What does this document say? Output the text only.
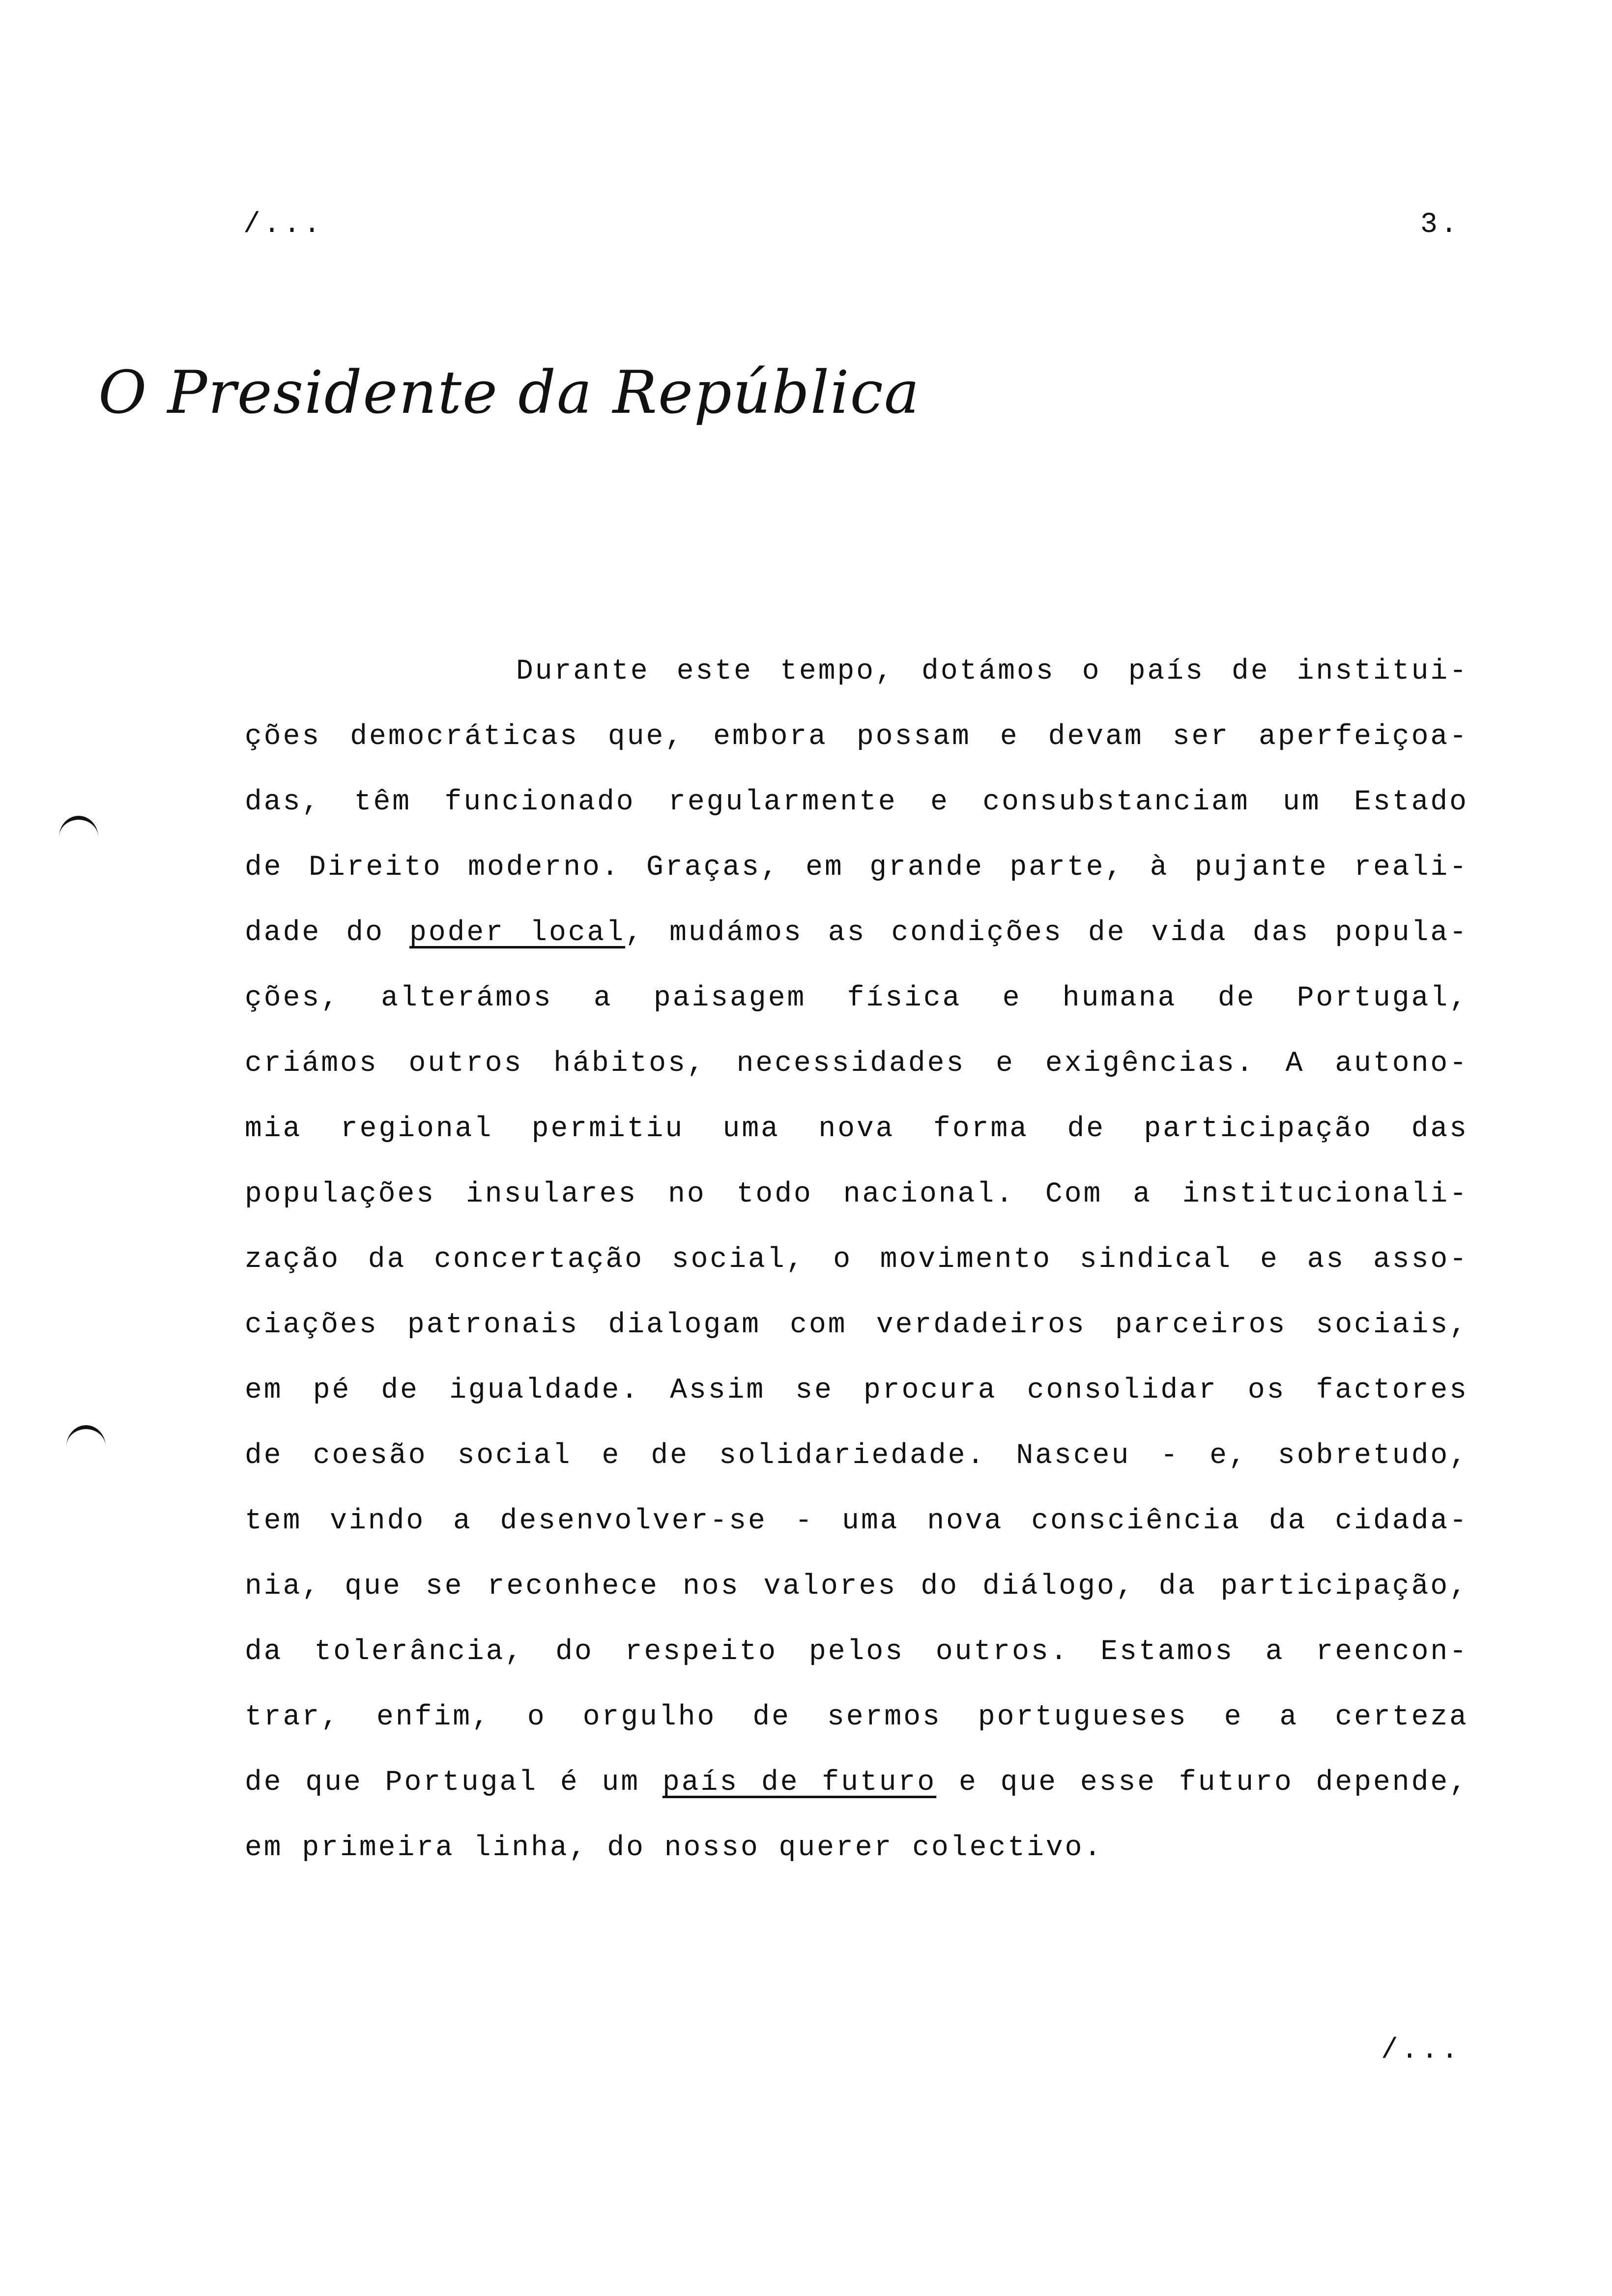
/...	3.
O Presidente da República
Durante este tempo, dotámos o país de institui-
ções democráticas que, embora possam e devam ser aperfeiçoa-
das, têm funcionado regularmente e consubstanciam um Estado
de Direito moderno. Graças, em grande parte, à pujante reali-
dade do poder local, mudámos as condições de vida das popula-
ções, alterámos a paisagem física e humana de Portugal,
criámos outros hábitos, necessidades e exigências. A autono-
mia regional permitiu uma nova forma de participação das
populações insulares no todo nacional. Com a institucionali-
zação da concertação social, o movimento sindical e as asso-
ciações patronais dialogam com verdadeiros parceiros sociais,
em pé de igualdade. Assim se procura consolidar os factores
de coesão social e de solidariedade. Nasceu - e, sobretudo,
tem vindo a desenvolver-se - uma nova consciência da cidada-
nia, que se reconhece nos valores do diálogo, da participação,
da tolerância, do respeito pelos outros. Estamos a reencon-
trar, enfim, o orgulho de sermos portugueses e a certeza
de que Portugal é um país de futuro e que esse futuro depende,
em primeira linha, do nosso querer colectivo.
/...
